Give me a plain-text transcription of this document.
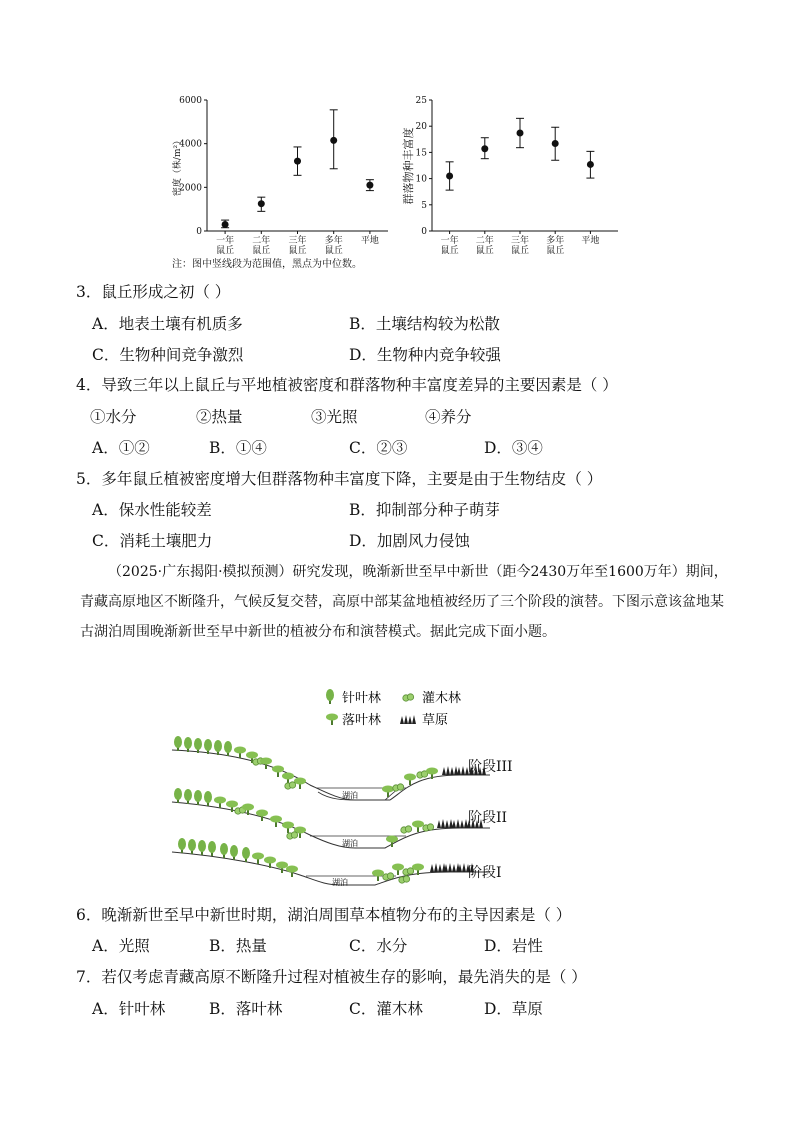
密度（株/m²）
0
2000
4000
6000
一年
鼠丘
二年
鼠丘
三年
鼠丘
多年
鼠丘
平地
注：图中竖线段为范围值，黑点为中位数。
群落物种丰富度
0
5
10
15
20
25
一年
鼠丘
二年
鼠丘
三年
鼠丘
多年
鼠丘
平地
3．鼠丘形成之初（ ）
A．地表土壤有机质多	B．土壤结构较为松散
C．生物种间竞争激烈	D．生物种内竞争较强
4．导致三年以上鼠丘与平地植被密度和群落物种丰富度差异的主要因素是（ ）
①水分	②热量	③光照	④养分
A．①②	B．①④	C．②③	D．③④
5．多年鼠丘植被密度增大但群落物种丰富度下降，主要是由于生物结皮（ ）
A．保水性能较差	B．抑制部分种子萌芽
C．消耗土壤肥力	D．加剧风力侵蚀
（2025·广东揭阳·模拟预测）研究发现，晚渐新世至早中新世（距今2430万年至1600万年）期间，青藏高原地区不断隆升，气候反复交替，高原中部某盆地植被经历了三个阶段的演替。下图示意该盆地某古湖泊周围晚渐新世至早中新世的植被分布和演替模式。据此完成下面小题。
针叶林	灌木林
落叶林	草原
湖泊
湖泊
湖泊
阶段III
阶段II
阶段I
6．晚渐新世至早中新世时期，湖泊周围草本植物分布的主导因素是（ ）
A．光照	B．热量	C．水分	D．岩性
7．若仅考虑青藏高原不断隆升过程对植被生存的影响，最先消失的是（ ）
A．针叶林	B．落叶林	C．灌木林	D．草原
